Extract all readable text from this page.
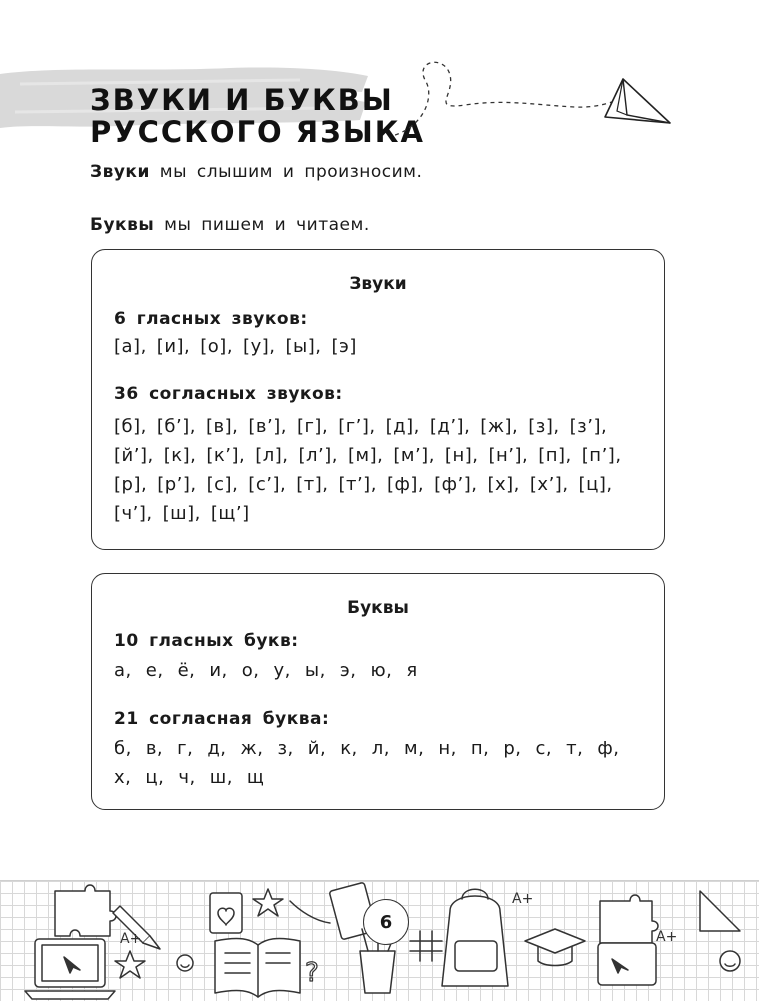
ЗВУКИ И БУКВЫ
РУССКОГО ЯЗЫКА
Звуки мы слышим и произносим.
Буквы мы пишем и читаем.
Звуки
6 гласных звуков:
[а], [и], [о], [у], [ы], [э]
36 согласных звуков:
[б], [б’], [в], [в’], [г], [г’], [д], [д’], [ж], [з], [з’],[й’], [к], [к’], [л], [л’], [м], [м’], [н], [н’], [п], [п’],[р], [р’], [с], [с’], [т], [т’], [ф], [ф’], [х], [х’], [ц],[ч’], [ш], [щ’]
Буквы
10 гласных букв:
а, е, ё, и, о, у, ы, э, ю, я
21 согласная буква:
б, в, г, д, ж, з, й, к, л, м, н, п, р, с, т, ф,х, ц, ч, ш, щ
A+
?
A+
A+
6
